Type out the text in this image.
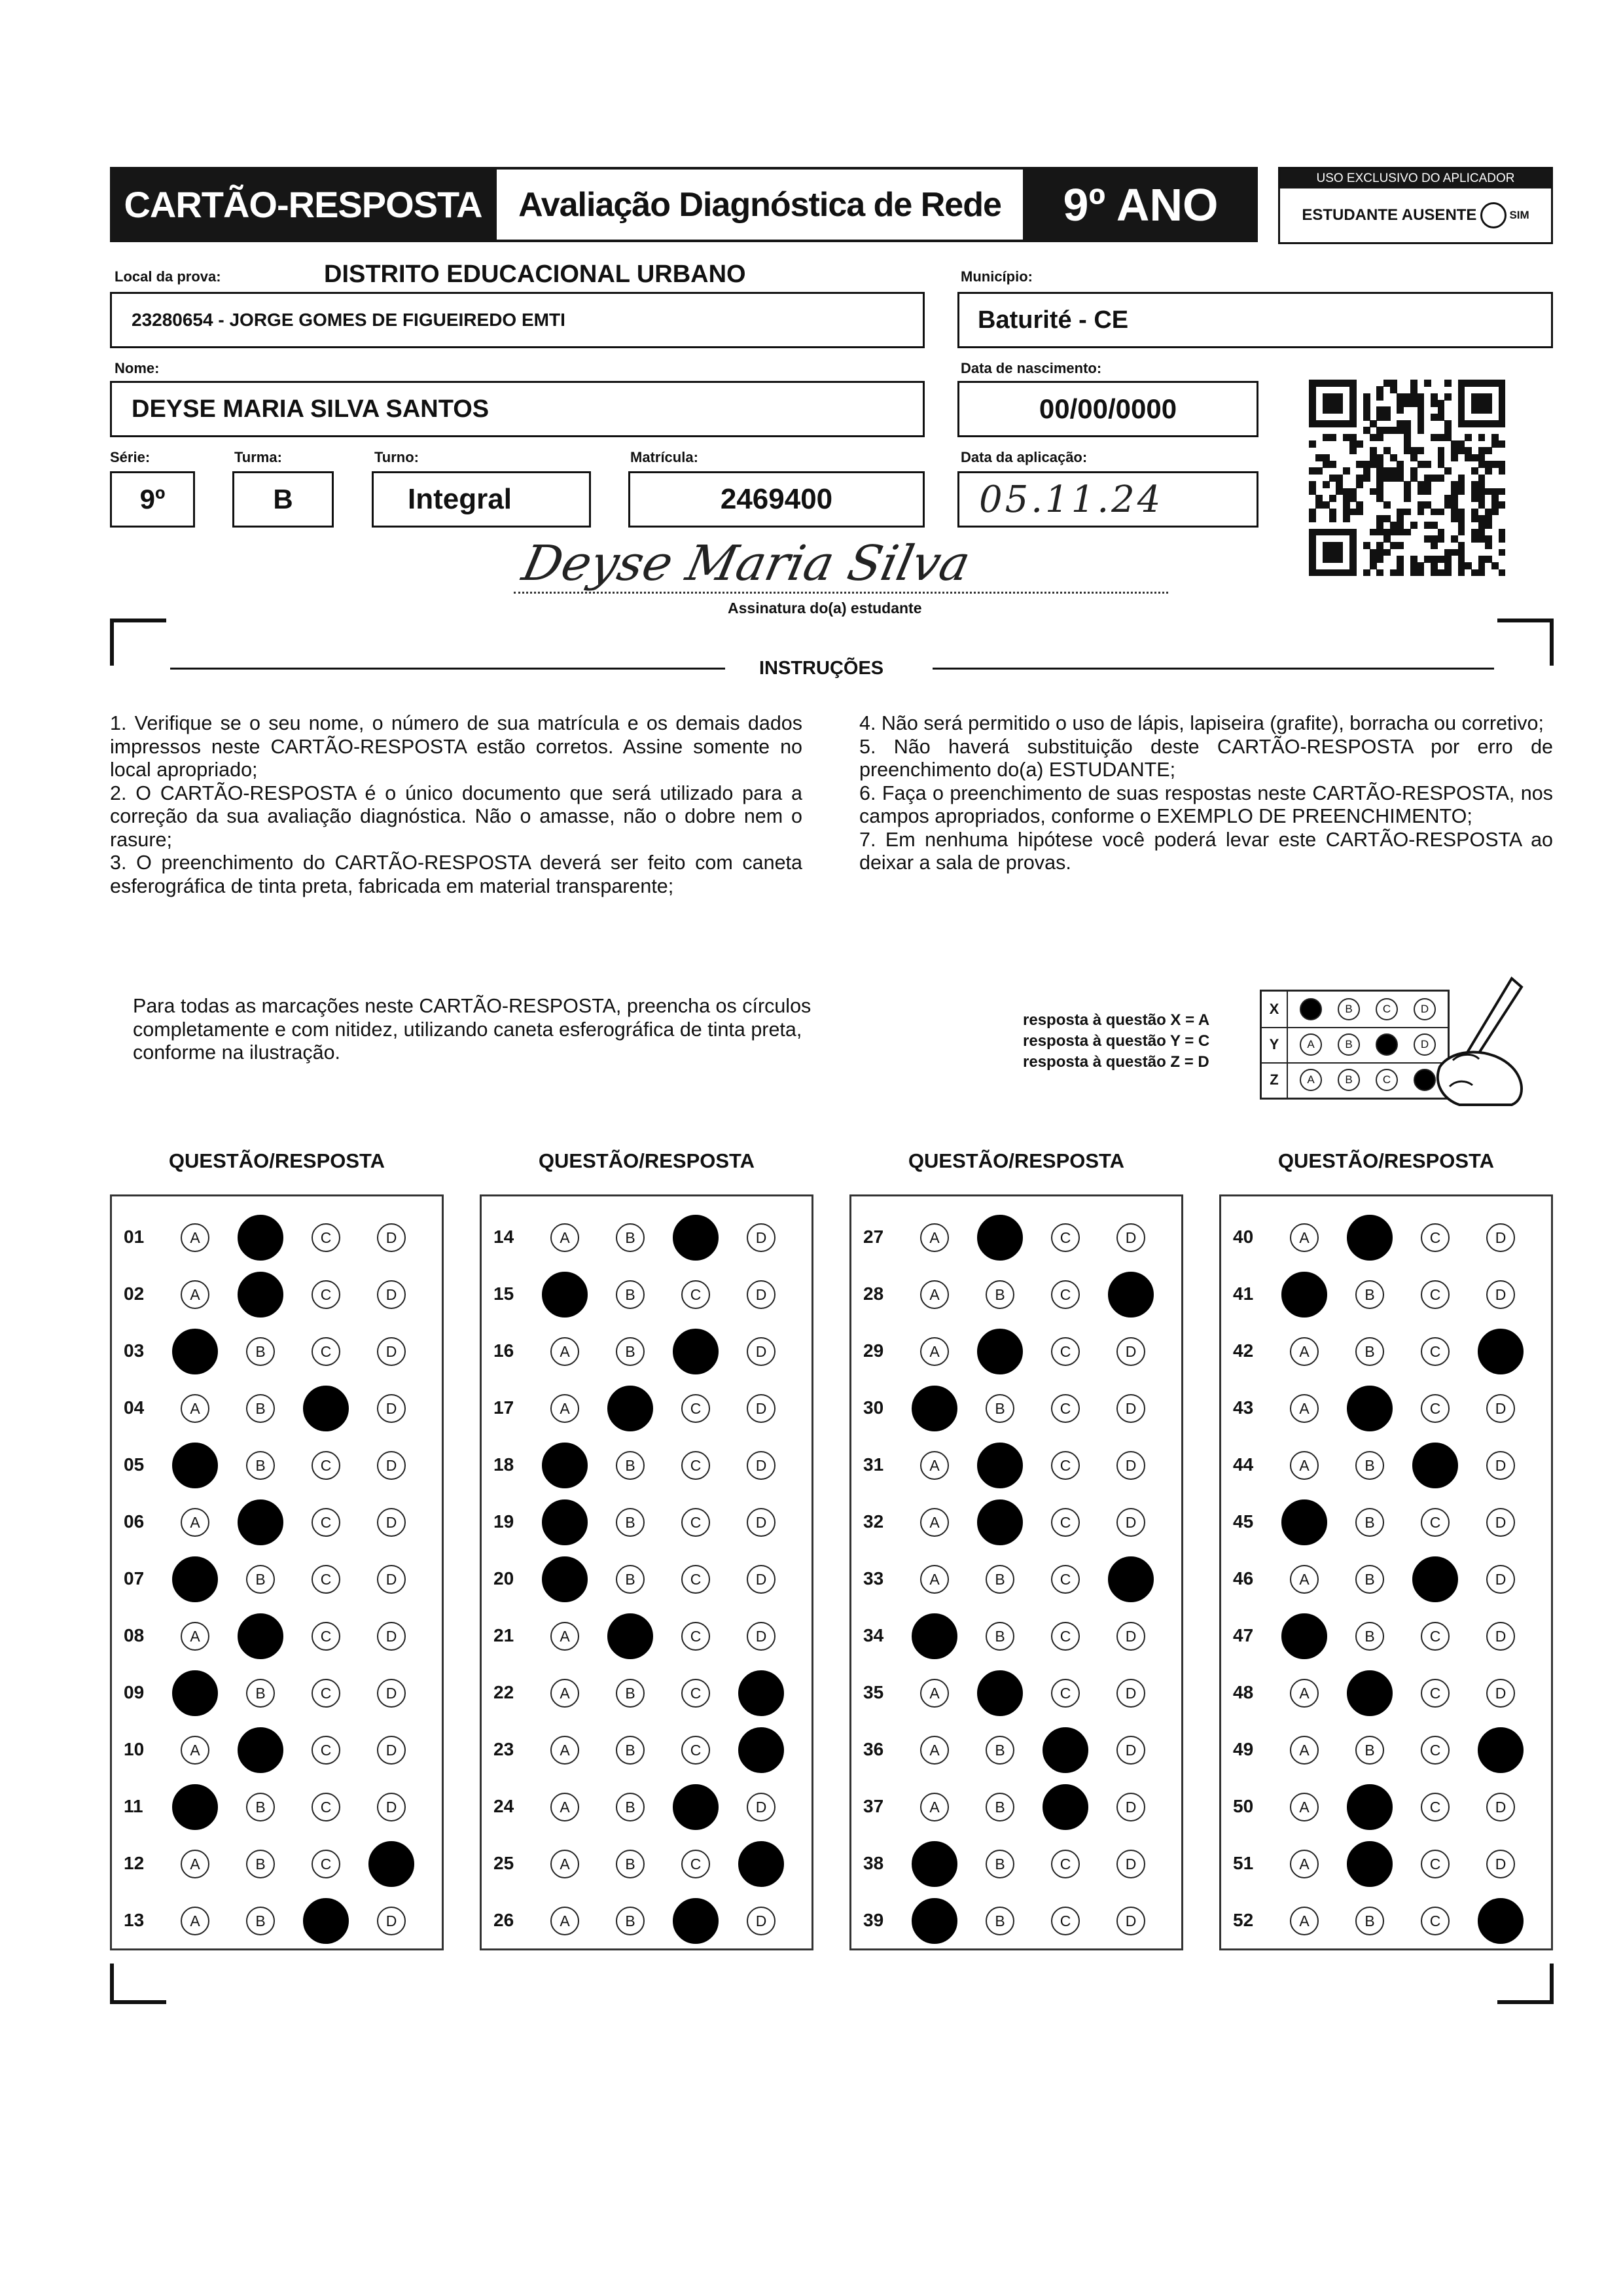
CARTÃO-RESPOSTA	Avaliação Diagnóstica de Rede	9º ANO
USO EXCLUSIVO DO APLICADOR
ESTUDANTE AUSENTE	SIM
Local da prova:	DISTRITO EDUCACIONAL URBANO
23280654 - JORGE GOMES DE FIGUEIREDO EMTI
Município:
Baturité - CE
Nome:
DEYSE MARIA SILVA SANTOS
Data de nascimento:
00/00/0000
Série:
9º
Turma:
B
Turno:
Integral
Matrícula:
2469400
Data da aplicação:
05.11.24
Deyse Maria Silva
Assinatura do(a) estudante
INSTRUÇÕES

1. Verifique se o seu nome, o número de sua matrícula e os demais dados impressos neste CARTÃO-RESPOSTA estão corretos. Assine somente no local apropriado;

2. O CARTÃO-RESPOSTA é o único documento que será utilizado para a correção da sua avaliação diagnóstica. Não o amasse, não o dobre nem o rasure;

3. O preenchimento do CARTÃO-RESPOSTA deverá ser feito com caneta esferográfica de tinta preta, fabricada em material transparente;

4. Não será permitido o uso de lápis, lapiseira (grafite), borracha ou corretivo;

5. Não haverá substituição deste CARTÃO-RESPOSTA por erro de preenchimento do(a) ESTUDANTE;

6. Faça o preenchimento de suas respostas neste CARTÃO-RESPOSTA, nos campos apropriados, conforme o EXEMPLO DE PREENCHIMENTO;

7. Em nenhuma hipótese você poderá levar este CARTÃO-RESPOSTA ao deixar a sala de provas.

Para todas as marcações neste CARTÃO-RESPOSTA, preencha os círculos completamente e com nitidez, utilizando caneta esferográfica de tinta preta, conforme na ilustração.
resposta à questão X = A
resposta à questão Y = C
resposta à questão Z = D
X	B	C	D
Y	A	B	D
Z	A	B	C
QUESTÃO/RESPOSTA
01	A	C	D
02	A	C	D
03	B	C	D
04	A	B	D
05	B	C	D
06	A	C	D
07	B	C	D
08	A	C	D
09	B	C	D
10	A	C	D
11	B	C	D
12	A	B	C
13	A	B	D
QUESTÃO/RESPOSTA
14	A	B	D
15	B	C	D
16	A	B	D
17	A	C	D
18	B	C	D
19	B	C	D
20	B	C	D
21	A	C	D
22	A	B	C
23	A	B	C
24	A	B	D
25	A	B	C
26	A	B	D
QUESTÃO/RESPOSTA
27	A	C	D
28	A	B	C
29	A	C	D
30	B	C	D
31	A	C	D
32	A	C	D
33	A	B	C
34	B	C	D
35	A	C	D
36	A	B	D
37	A	B	D
38	B	C	D
39	B	C	D
QUESTÃO/RESPOSTA
40	A	C	D
41	B	C	D
42	A	B	C
43	A	C	D
44	A	B	D
45	B	C	D
46	A	B	D
47	B	C	D
48	A	C	D
49	A	B	C
50	A	C	D
51	A	C	D
52	A	B	C
